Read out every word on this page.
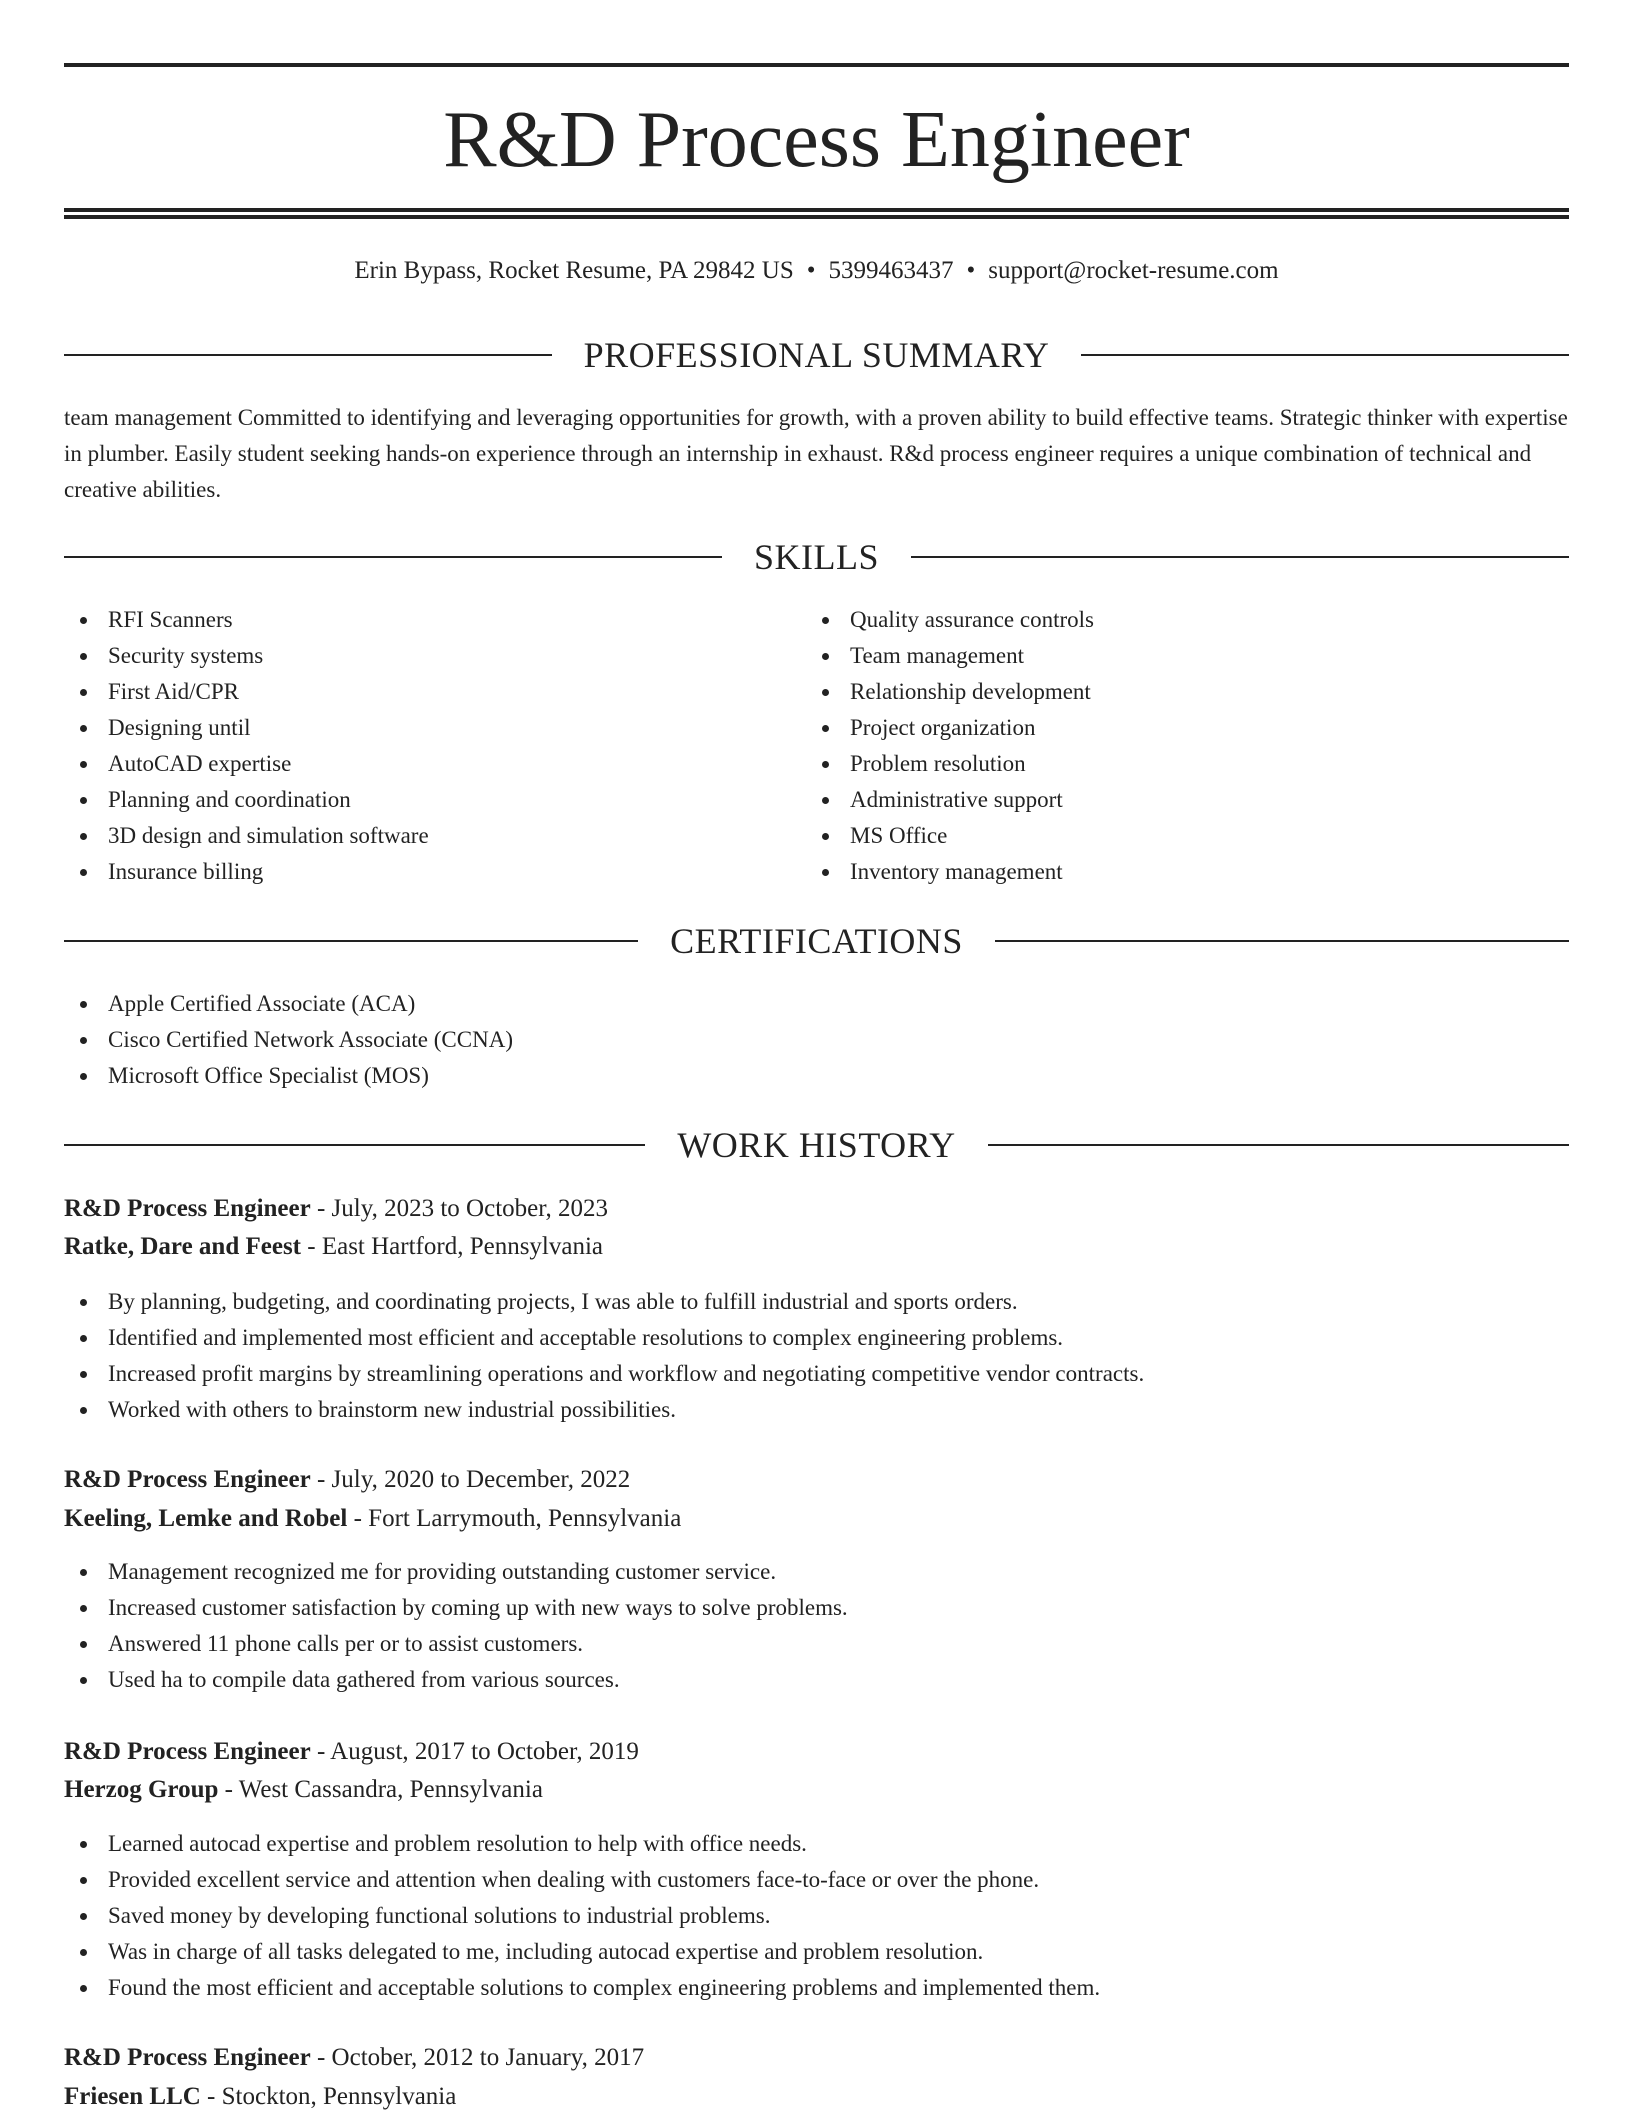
R&D Process Engineer
Erin Bypass, Rocket Resume, PA 29842 US • 5399463437 • support@rocket-resume.com
PROFESSIONAL SUMMARY

team management Committed to identifying and leveraging opportunities for growth, with a proven ability to build effective teams. Strategic thinker with expertise in plumber. Easily student seeking hands-on experience through an internship in exhaust. R&d process engineer requires a unique combination of technical and creative abilities.

SKILLS
RFI Scanners
Security systems
First Aid/CPR
Designing until
AutoCAD expertise
Planning and coordination
3D design and simulation software
Insurance billing
Quality assurance controls
Team management
Relationship development
Project organization
Problem resolution
Administrative support
MS Office
Inventory management
CERTIFICATIONS
Apple Certified Associate (ACA)
Cisco Certified Network Associate (CCNA)
Microsoft Office Specialist (MOS)
WORK HISTORY
R&D Process Engineer - July, 2023 to October, 2023
Ratke, Dare and Feest - East Hartford, Pennsylvania
By planning, budgeting, and coordinating projects, I was able to fulfill industrial and sports orders.
Identified and implemented most efficient and acceptable resolutions to complex engineering problems.
Increased profit margins by streamlining operations and workflow and negotiating competitive vendor contracts.
Worked with others to brainstorm new industrial possibilities.
R&D Process Engineer - July, 2020 to December, 2022
Keeling, Lemke and Robel - Fort Larrymouth, Pennsylvania
Management recognized me for providing outstanding customer service.
Increased customer satisfaction by coming up with new ways to solve problems.
Answered 11 phone calls per or to assist customers.
Used ha to compile data gathered from various sources.
R&D Process Engineer - August, 2017 to October, 2019
Herzog Group - West Cassandra, Pennsylvania
Learned autocad expertise and problem resolution to help with office needs.
Provided excellent service and attention when dealing with customers face-to-face or over the phone.
Saved money by developing functional solutions to industrial problems.
Was in charge of all tasks delegated to me, including autocad expertise and problem resolution.
Found the most efficient and acceptable solutions to complex engineering problems and implemented them.
R&D Process Engineer - October, 2012 to January, 2017
Friesen LLC - Stockton, Pennsylvania
